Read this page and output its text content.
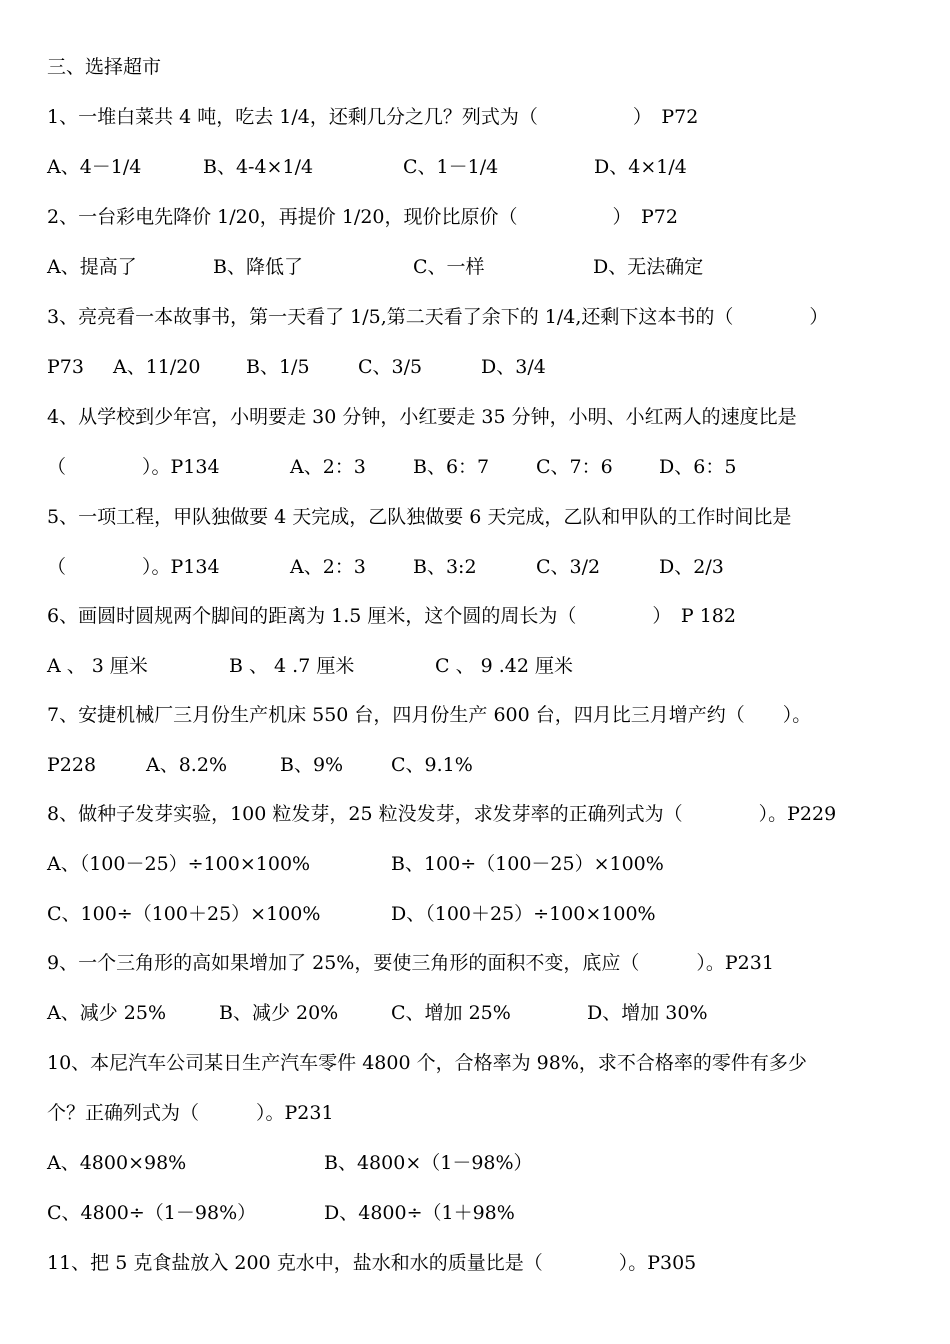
三、选择超市
1、一堆白菜共 4 吨，吃去 1/4，还剩几分之几？列式为（　　　　　）　P72
A、4－1/4	B、4-4×1/4	C、1－1/4	D、4×1/4
2、一台彩电先降价 1/20，再提价 1/20，现价比原价（　　　　　）　P72
A、提高了	B、降低了	C、一样	D、无法确定
3、亮亮看一本故事书，第一天看了 1/5,第二天看了余下的 1/4,还剩下这本书的（　　　　）
P73 A、11/20 B、1/5	C、3/5	D、3/4
4、从学校到少年宫，小明要走 30 分钟，小红要走 35 分钟，小明、小红两人的速度比是
（　　　　）。P134	A、2：3 B、6：7 C、7：6 D、6：5
5、一项工程，甲队独做要 4 天完成，乙队独做要 6 天完成，乙队和甲队的工作时间比是
（　　　　）。P134	A、2：3 B、3:2	C、3/2	D、2/3
6、画圆时圆规两个脚间的距离为 1.5 厘米，这个圆的周长为（　　　　）　P 182
A 、 3 厘米	B 、 4 .7 厘米	C 、 9 .42 厘米
7、安捷机械厂三月份生产机床 550 台，四月份生产 600 台，四月比三月增产约（　　）。
P228	A、8.2%	B、9%	C、9.1%
8、做种子发芽实验，100 粒发芽，25 粒没发芽，求发芽率的正确列式为（　　　　）。P229
A、（100－25）÷100×100%	B、100÷（100－25）×100%
C、100÷（100＋25）×100%	D、（100＋25）÷100×100%
9、一个三角形的高如果增加了 25%，要使三角形的面积不变，底应（　　　）。P231
A、减少 25%	B、减少 20%	C、增加 25%	D、增加 30%
10、本尼汽车公司某日生产汽车零件 4800 个，合格率为 98%，求不合格率的零件有多少
个？正确列式为（　　　）。P231
A、4800×98%	B、4800×（1－98%）
C、4800÷（1－98%）	D、4800÷（1＋98%
11、把 5 克食盐放入 200 克水中，盐水和水的质量比是（　　　　）。P305
